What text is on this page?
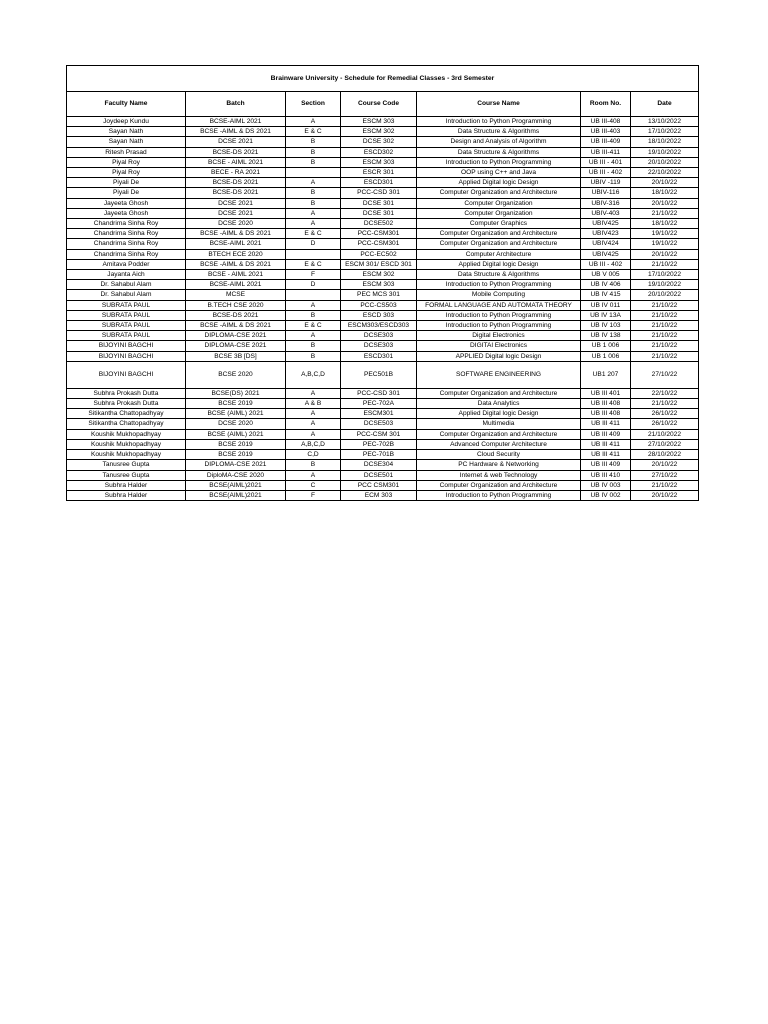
Brainware University - Schedule for Remedial Classes - 3rd Semester
Faculty Name	Batch	Section	Course Code	Course Name	Room No.	Date
Joydeep Kundu	BCSE-AIML 2021	A	ESCM 303	Introduction to Python Programming	UB III-408	13/10/2022
Sayan Nath	BCSE -AIML & DS 2021	E & C	ESCM 302	Data Structure & Algorithms	UB III-403	17/10/2022
Sayan Nath	DCSE 2021	B	DCSE 302	Design and Analysis of Algorithm	UB III-409	18/10/2022
Ritesh Prasad	BCSE-DS 2021	B	ESCD302	Data Structure & Algorithms	UB III-411	19/10/2022
Piyal Roy	BCSE - AIML 2021	B	ESCM 303	Introduction to Python Programming	UB III - 401	20/10/2022
Piyal Roy	BECE - RA 2021		ESCR 301	OOP using C++ and Java	UB III - 402	22/10/2022
Piyali De	BCSE-DS 2021	A	ESCD301	Applied Digital logic Design	UBIV -119	20/10/22
Piyali De	BCSE-DS 2021	B	PCC-CSD 301	Computer Organization and Architecture	UBIV-116	18/10/22
Jayeeta Ghosh	DCSE 2021	B	DCSE 301	Computer Organization	UBIV-316	20/10/22
Jayeeta Ghosh	DCSE 2021	A	DCSE 301	Computer Organization	UBIV-403	21/10/22
Chandrima Sinha Roy	DCSE 2020	A	DCSE502	Computer Graphics	UBIV425	18/10/22
Chandrima Sinha Roy	BCSE -AIML & DS 2021	E & C	PCC-CSM301	Computer Organization and Architecture	UBIV423	19/10/22
Chandrima Sinha Roy	BCSE-AIML 2021	D	PCC-CSM301	Computer Organization and Architecture	UBIV424	19/10/22
Chandrima Sinha Roy	BTECH ECE 2020		PCC-EC502	Computer Architecture	UBIV425	20/10/22
Amitava Podder	BCSE -AIML & DS 2021	E & C	ESCM 301/ ESCD 301	Applied Digital logic Design	UB III - 402	21/10/22
Jayanta Aich	BCSE - AIML 2021	F	ESCM 302	Data Structure & Algorithms	UB V 005	17/10/2022
Dr. Sahabul Alam	BCSE-AIML 2021	D	ESCM 303	Introduction to Python Programming	UB IV 406	19/10/2022
Dr. Sahabul Alam	MCSE		PEC MCS 301	Mobile Computing	UB IV 415	20/10/2022
SUBRATA PAUL	B.TECH CSE 2020	A	PCC-CS503	FORMAL LANGUAGE AND AUTOMATA THEORY	UB IV 011	21/10/22
SUBRATA PAUL	BCSE-DS 2021	B	ESCD 303	Introduction to Python Programming	UB IV 13A	21/10/22
SUBRATA PAUL	BCSE -AIML & DS 2021	E & C	ESCM303/ESCD303	Introduction to Python Programming	UB IV 103	21/10/22
SUBRATA PAUL	DIPLOMA-CSE 2021	A	DCSE303	Digital Electronics	UB IV 138	21/10/22
BIJOYINI BAGCHI	DIPLOMA-CSE 2021	B	DCSE303	DIGITAl Electronics	UB 1 006	21/10/22
BIJOYINI BAGCHI	BCSE 3B [DS]	B	ESCD301	APPLIED Digital logic Design	UB 1 006	21/10/22
BIJOYINI BAGCHI	BCSE 2020	A,B,C,D	PEC501B	SOFTWARE ENGINEERING	UB1 207	27/10/22
Subhra Prokash Dutta	BCSE(DS) 2021	A	PCC-CSD 301	Computer Organization and Architecture	UB III 401	22/10/22
Subhra Prokash Dutta	BCSE 2019	A & B	PEC-702A	Data Analytics	UB III 408	21/10/22
Sitikantha Chattopadhyay	BCSE (AIML) 2021	A	ESCM301	Applied Digital logic Design	UB III 408	26/10/22
Sitikantha Chattopadhyay	DCSE 2020	A	DCSE503	Multimedia	UB III 411	26/10/22
Koushik Mukhopadhyay	BCSE (AIML) 2021	A	PCC-CSM 301	Computer Organization and Architecture	UB III 409	21/10/2022
Koushik Mukhopadhyay	BCSE 2019	A,B,C,D	PEC-702B	Advanced Computer Architecture	UB III 411	27/10/2022
Koushik Mukhopadhyay	BCSE 2019	C,D	PEC-701B	Cloud Security	UB III 411	28/10/2022
Tanusree Gupta	DIPLOMA-CSE 2021	B	DCSE304	PC Hardware & Networking	UB III 409	20/10/22
Tanusree Gupta	DiploMA-CSE 2020	A	DCSE501	Internet & web Technology	UB III 410	27/10/22
Subhra Halder	BCSE(AIML)2021	C	PCC CSM301	Computer Organization and Architecture	UB IV 003	21/10/22
Subhra Halder	BCSE(AIML)2021	F	ECM 303	Introduction to Python Programming	UB IV 002	20/10/22
